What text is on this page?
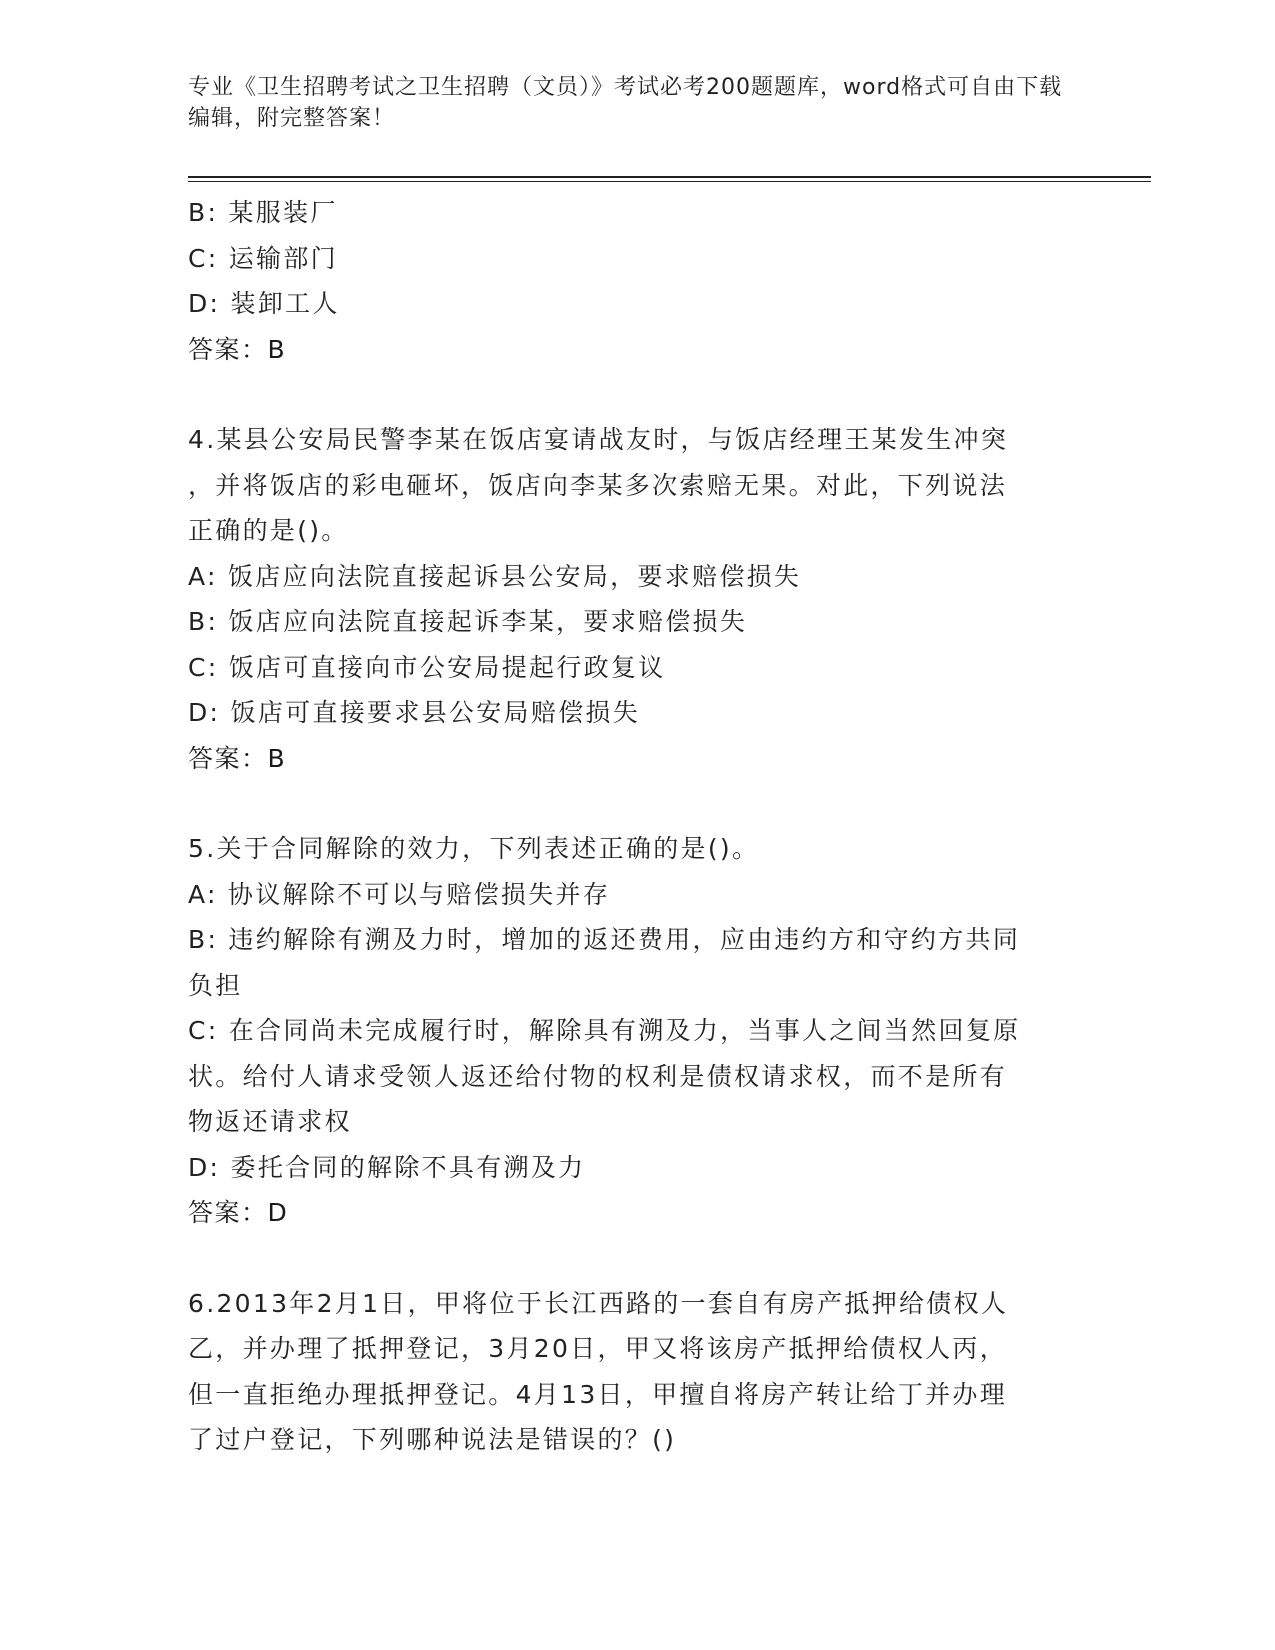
专业《卫生招聘考试之卫生招聘（文员）》考试必考200题题库，word格式可自由下载编辑，附完整答案！

B: 某服装厂

C: 运输部门

D: 装卸工人

答案：B

4.某县公安局民警李某在饭店宴请战友时，与饭店经理王某发生冲突

，并将饭店的彩电砸坏，饭店向李某多次索赔无果。对此，下列说法

正确的是()。

A: 饭店应向法院直接起诉县公安局，要求赔偿损失

B: 饭店应向法院直接起诉李某，要求赔偿损失

C: 饭店可直接向市公安局提起行政复议

D: 饭店可直接要求县公安局赔偿损失

答案：B

5.关于合同解除的效力，下列表述正确的是()。

A: 协议解除不可以与赔偿损失并存

B: 违约解除有溯及力时，增加的返还费用，应由违约方和守约方共同

负担

C: 在合同尚未完成履行时，解除具有溯及力，当事人之间当然回复原

状。给付人请求受领人返还给付物的权利是债权请求权，而不是所有

物返还请求权

D: 委托合同的解除不具有溯及力

答案：D

6.2013年2月1日，甲将位于长江西路的一套自有房产抵押给债权人

乙，并办理了抵押登记，3月20日，甲又将该房产抵押给债权人丙，

但一直拒绝办理抵押登记。4月13日，甲擅自将房产转让给丁并办理

了过户登记，下列哪种说法是错误的？()
